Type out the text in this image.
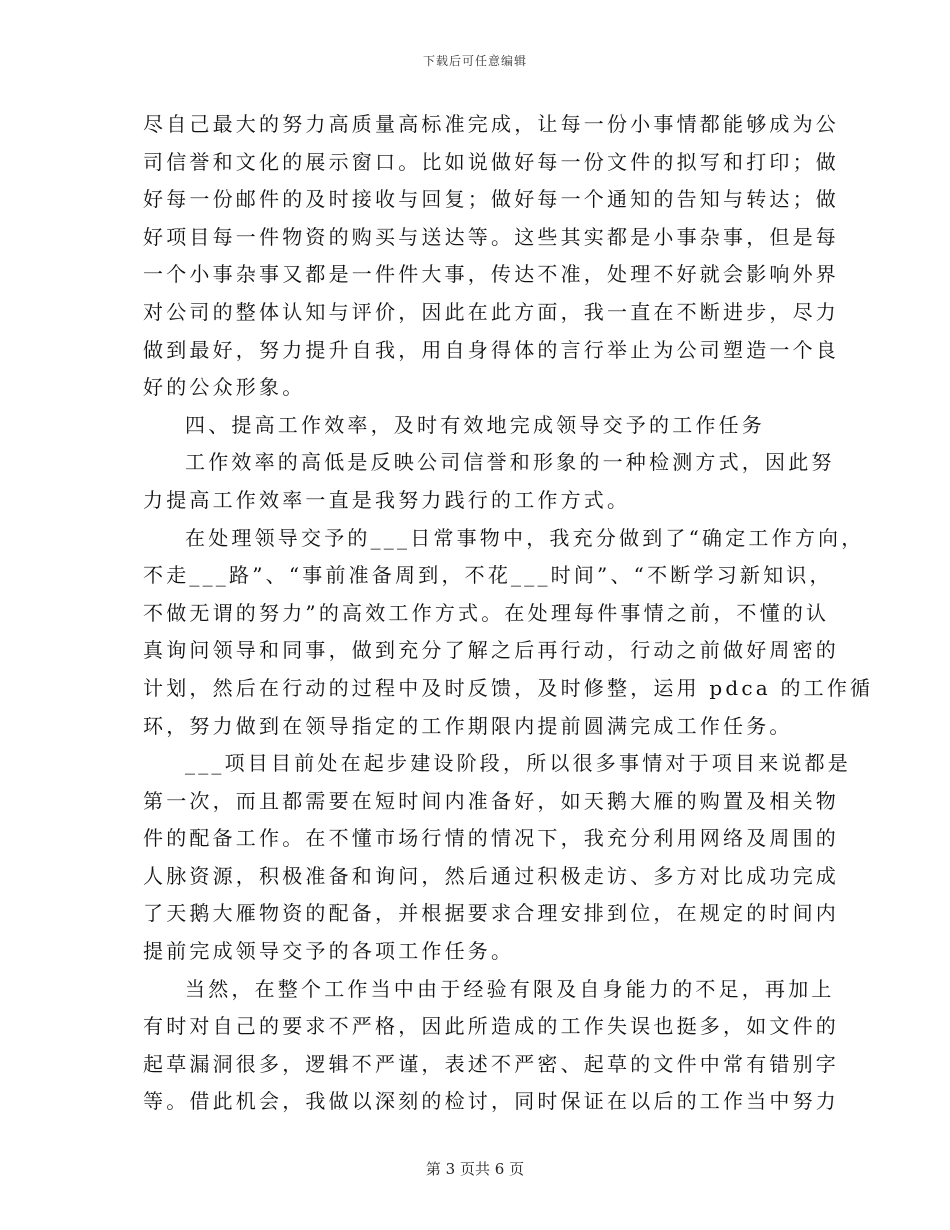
下载后可任意编辑
尽自己最大的努力高质量高标准完成，让每一份小事情都能够成为公
司信誉和文化的展示窗口。比如说做好每一份文件的拟写和打印；做
好每一份邮件的及时接收与回复；做好每一个通知的告知与转达；做
好项目每一件物资的购买与送达等。这些其实都是小事杂事，但是每
一个小事杂事又都是一件件大事，传达不准，处理不好就会影响外界
对公司的整体认知与评价，因此在此方面，我一直在不断进步，尽力
做到最好，努力提升自我，用自身得体的言行举止为公司塑造一个良
好的公众形象。
四、提高工作效率，及时有效地完成领导交予的工作任务
工作效率的高低是反映公司信誉和形象的一种检测方式，因此努
力提高工作效率一直是我努力践行的工作方式。
在处理领导交予的___日常事物中，我充分做到了“确定工作方向，
不走___路”、“事前准备周到，不花___时间”、“不断学习新知识，
不做无谓的努力”的高效工作方式。在处理每件事情之前，不懂的认
真询问领导和同事，做到充分了解之后再行动，行动之前做好周密的
计划，然后在行动的过程中及时反馈，及时修整，运用 pdca 的工作循
环，努力做到在领导指定的工作期限内提前圆满完成工作任务。
___项目目前处在起步建设阶段，所以很多事情对于项目来说都是
第一次，而且都需要在短时间内准备好，如天鹅大雁的购置及相关物
件的配备工作。在不懂市场行情的情况下，我充分利用网络及周围的
人脉资源，积极准备和询问，然后通过积极走访、多方对比成功完成
了天鹅大雁物资的配备，并根据要求合理安排到位，在规定的时间内
提前完成领导交予的各项工作任务。
当然，在整个工作当中由于经验有限及自身能力的不足，再加上
有时对自己的要求不严格，因此所造成的工作失误也挺多，如文件的
起草漏洞很多，逻辑不严谨，表述不严密、起草的文件中常有错别字
等。借此机会，我做以深刻的检讨，同时保证在以后的工作当中努力
第 3 页共 6 页
